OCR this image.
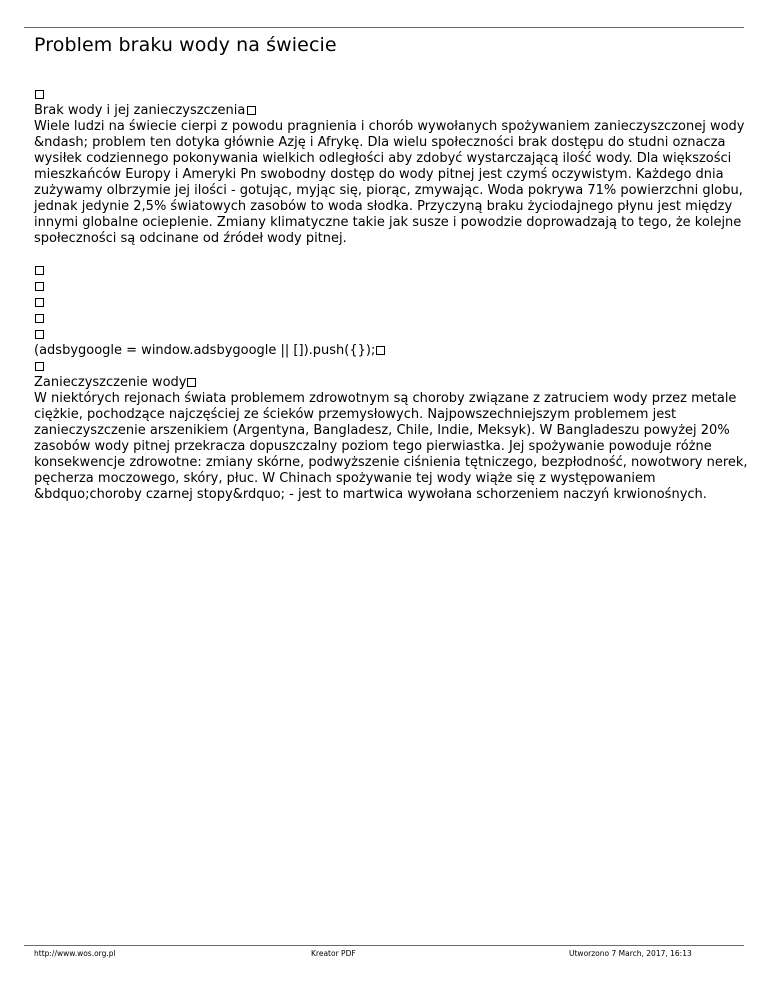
Problem braku wody na świecie
Brak wody i jej zanieczyszczenia

Wiele ludzi na świecie cierpi z powodu pragnienia i chorób wywołanych spożywaniem zanieczyszczonej wody &ndash; problem ten dotyka głównie Azję i Afrykę. Dla wielu społeczności brak dostępu do studni oznacza wysiłek codziennego pokonywania wielkich odległości aby zdobyć wystarczającą ilość wody. Dla większości mieszkańców Europy i Ameryki Pn swobodny dostęp do wody pitnej jest czymś oczywistym. Każdego dnia zużywamy olbrzymie jej ilości - gotując, myjąc się, piorąc, zmywając. Woda pokrywa 71% powierzchni globu, jednak jedynie 2,5% światowych zasobów to woda słodka. Przyczyną braku życiodajnego płynu jest między innymi globalne ocieplenie. Zmiany klimatyczne takie jak susze i powodzie doprowadzają to tego, że kolejne społeczności są odcinane od źródeł wody pitnej.

(adsbygoogle = window.adsbygoogle || []).push({});
Zanieczyszczenie wody

W niektórych rejonach świata problemem zdrowotnym są choroby związane z zatruciem wody przez metale ciężkie, pochodzące najczęściej ze ścieków przemysłowych. Najpowszechniejszym problemem jest zanieczyszczenie arszenikiem (Argentyna, Bangladesz, Chile, Indie, Meksyk). W Bangladeszu powyżej 20% zasobów wody pitnej przekracza dopuszczalny poziom tego pierwiastka. Jej spożywanie powoduje różne konsekwencje zdrowotne: zmiany skórne, podwyższenie ciśnienia tętniczego, bezpłodność, nowotwory nerek, pęcherza moczowego, skóry, płuc. W Chinach spożywanie tej wody wiąże się z występowaniem &bdquo;choroby czarnej stopy&rdquo; - jest to martwica wywołana schorzeniem naczyń krwionośnych.

http://www.wos.org.pl	Kreator PDF	Utworzono 7 March, 2017, 16:13
